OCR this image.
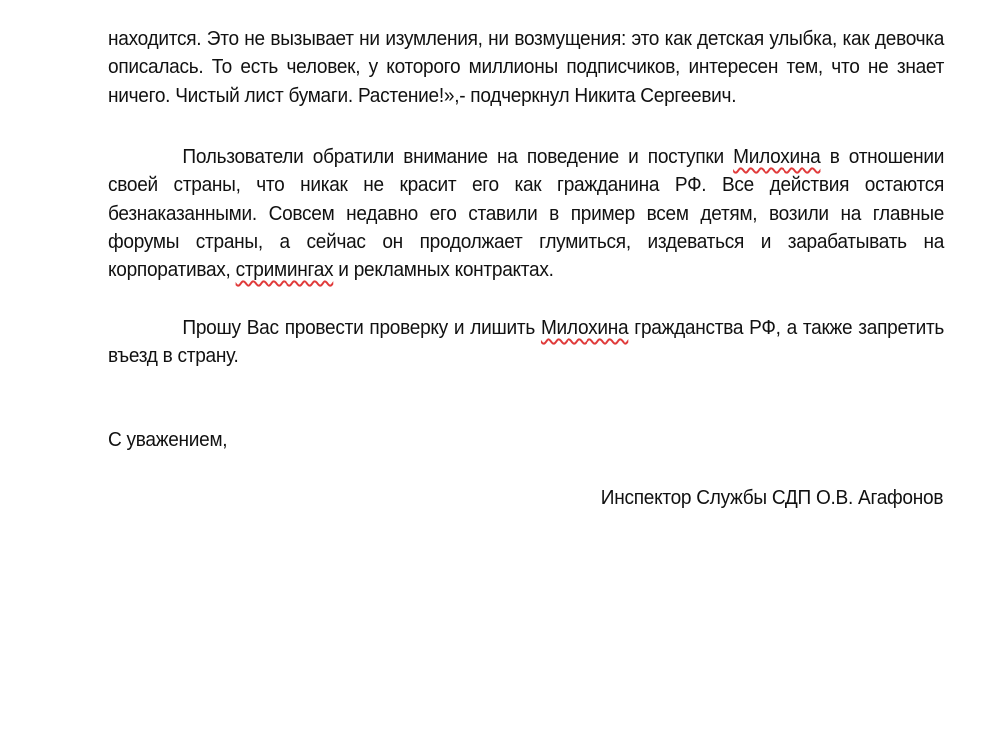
находится. Это не вызывает ни изумления, ни возмущения: это как детская улыбка, как девочка описалась. То есть человек, у которого миллионы подписчиков, интересен тем, что не знает ничего. Чистый лист бумаги. Растение!»,- подчеркнул Никита Сергеевич.
Пользователи обратили внимание на поведение и поступки Милохина в отношении своей страны, что никак не красит его как гражданина РФ. Все действия остаются безнаказанными. Совсем недавно его ставили в пример всем детям, возили на главные форумы страны, а сейчас он продолжает глумиться, издеваться и зарабатывать на корпоративах, стримингах и рекламных контрактах.
Прошу Вас провести проверку и лишить Милохина гражданства РФ, а также запретить въезд в страну.
С уважением,
Инспектор Службы СДП О.В. Агафонов
